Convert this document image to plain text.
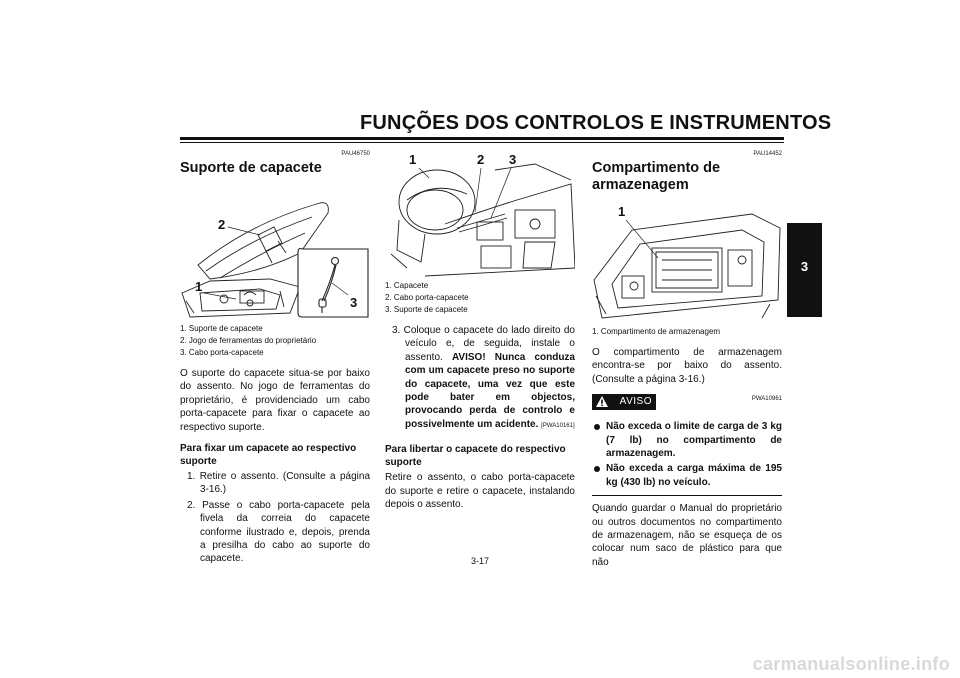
FUNÇÕES DOS CONTROLOS E INSTRUMENTOS
3

PAU46750

Suporte de capacete
2
1
3
1. Suporte de capacete
2. Jogo de ferramentas do proprietário
3. Cabo porta-capacete

O suporte do capacete situa-se por baixo do assento. No jogo de ferramentas do proprietário, é providenciado um cabo porta-capacete para fixar o capacete ao respectivo suporte.

Para fixar um capacete ao respectivo suporte
1. Retire o assento. (Consulte a página 3-16.)
2. Passe o cabo porta-capacete pela fivela da correia do capacete conforme ilustrado e, depois, prenda a presilha do cabo ao suporte do capacete.
1	2 3
1. Capacete
2. Cabo porta-capacete
3. Suporte de capacete
3. Coloque o capacete do lado direito do veículo e, de seguida, instale o assento. AVISO! Nunca conduza com um capacete preso no suporte do capacete, uma vez que este pode bater em objectos, provocando perda de controlo e possivelmente um acidente. [PWA10161]
Para libertar o capacete do respectivo suporte

Retire o assento, o cabo porta-capacete do suporte e retire o capacete, instalando depois o assento.

PAU14452

Compartimento de armazenagem
1
1. Compartimento de armazenagem

O compartimento de armazenagem encontra-se por baixo do assento. (Consulte a página 3-16.)

AVISO	PWA10961
Não exceda o limite de carga de 3 kg (7 lb) no compartimento de armazenagem.
Não exceda a carga máxima de 195 kg (430 lb) no veículo.

Quando guardar o Manual do proprietário ou outros documentos no compartimento de armazenagem, não se esqueça de os colocar num saco de plástico para que não

3-17
carmanualsonline.info
